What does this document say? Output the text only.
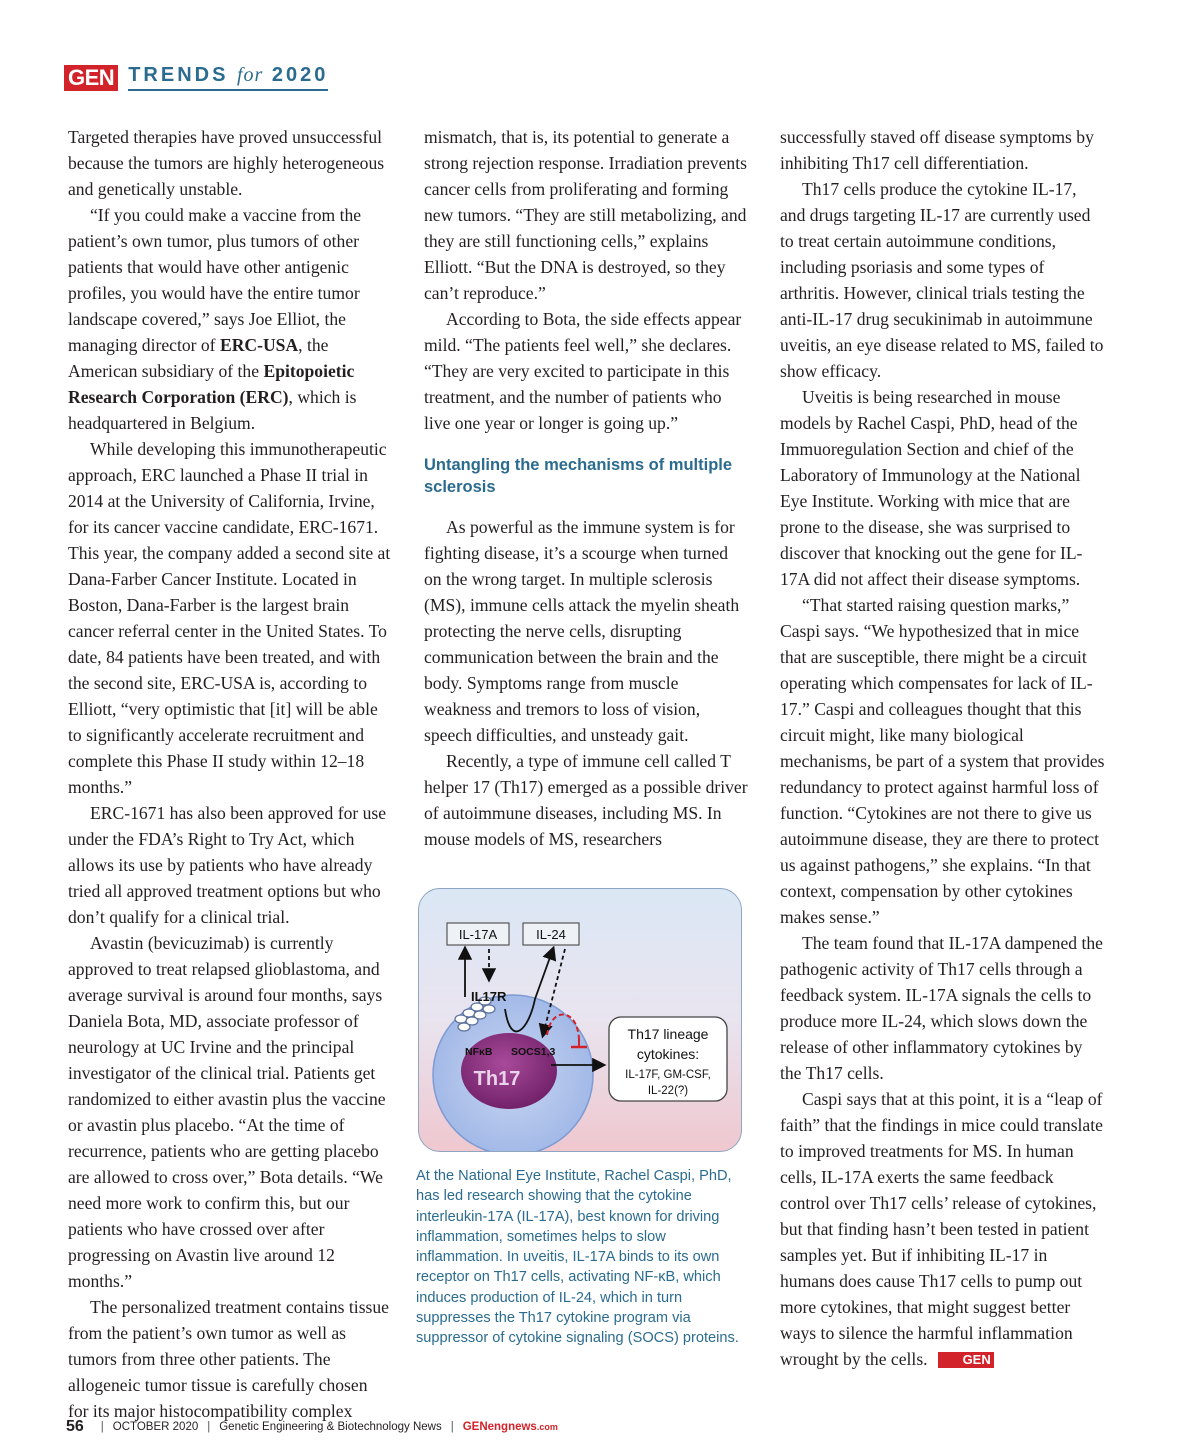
GEN TRENDS for 2020

Targeted therapies have proved unsuccessful because the tumors are highly heterogeneous and genetically unstable.

“If you could make a vaccine from the patient’s own tumor, plus tumors of other patients that would have other antigenic profiles, you would have the entire tumor landscape covered,” says Joe Elliot, the managing director of ERC-USA, the American subsidiary of the Epitopoietic Research Corporation (ERC), which is headquartered in Belgium.

While developing this immunotherapeutic approach, ERC launched a Phase II trial in 2014 at the University of California, Irvine, for its cancer vaccine candidate, ERC-1671. This year, the company added a second site at Dana-Farber Cancer Institute. Located in Boston, Dana-Farber is the largest brain cancer referral center in the United States. To date, 84 patients have been treated, and with the second site, ERC-USA is, according to Elliott, “very optimistic that [it] will be able to significantly accelerate recruitment and complete this Phase II study within 12–18 months.”

ERC-1671 has also been approved for use under the FDA’s Right to Try Act, which allows its use by patients who have already tried all approved treatment options but who don’t qualify for a clinical trial.

Avastin (bevicuzimab) is currently approved to treat relapsed glioblastoma, and average survival is around four months, says Daniela Bota, MD, associate professor of neurology at UC Irvine and the principal investigator of the clinical trial. Patients get randomized to either avastin plus the vaccine or avastin plus placebo. “At the time of recurrence, patients who are getting placebo are allowed to cross over,” Bota details. “We need more work to confirm this, but our patients who have crossed over after progressing on Avastin live around 12 months.”

The personalized treatment contains tissue from the patient’s own tumor as well as tumors from three other patients. The allogeneic tumor tissue is carefully chosen for its major histocompatibility complex

mismatch, that is, its potential to generate a strong rejection response. Irradiation prevents cancer cells from proliferating and forming new tumors. “They are still metabolizing, and they are still functioning cells,” explains Elliott. “But the DNA is destroyed, so they can’t reproduce.”

According to Bota, the side effects appear mild. “The patients feel well,” she declares. “They are very excited to participate in this treatment, and the number of patients who live one year or longer is going up.”

Untangling the mechanisms of multiple sclerosis

As powerful as the immune system is for fighting disease, it’s a scourge when turned on the wrong target. In multiple sclerosis (MS), immune cells attack the myelin sheath protecting the nerve cells, disrupting communication between the brain and the body. Symptoms range from muscle weakness and tremors to loss of vision, speech difficulties, and unsteady gait.

Recently, a type of immune cell called T helper 17 (Th17) emerged as a possible driver of autoimmune diseases, including MS. In mouse models of MS, researchers

IL-17A	IL-24
IL17R
NFκB SOCS1,3
Th17
Th17 lineage
cytokines:
IL-17F, GM-CSF,
IL-22(?)
At the National Eye Institute, Rachel Caspi, PhD, has led research showing that the cytokine interleukin-17A (IL-17A), best known for driving inflammation, sometimes helps to slow inflammation. In uveitis, IL-17A binds to its own receptor on Th17 cells, activating NF-κB, which induces production of IL-24, which in turn suppresses the Th17 cytokine program via suppressor of cytokine signaling (SOCS) proteins.

successfully staved off disease symptoms by inhibiting Th17 cell differentiation.

Th17 cells produce the cytokine IL-17, and drugs targeting IL-17 are currently used to treat certain autoimmune conditions, including psoriasis and some types of arthritis. However, clinical trials testing the anti-IL-17 drug secukinimab in autoimmune uveitis, an eye disease related to MS, failed to show efficacy.

Uveitis is being researched in mouse models by Rachel Caspi, PhD, head of the Immuoregulation Section and chief of the Laboratory of Immunology at the National Eye Institute. Working with mice that are prone to the disease, she was surprised to discover that knocking out the gene for IL-17A did not affect their disease symptoms.

“That started raising question marks,” Caspi says. “We hypothesized that in mice that are susceptible, there might be a circuit operating which compensates for lack of IL-17.” Caspi and colleagues thought that this circuit might, like many biological mechanisms, be part of a system that provides redundancy to protect against harmful loss of function. “Cytokines are not there to give us autoimmune disease, they are there to protect us against pathogens,” she explains. “In that context, compensation by other cytokines makes sense.”

The team found that IL-17A dampened the pathogenic activity of Th17 cells through a feedback system. IL-17A signals the cells to produce more IL-24, which slows down the release of other inflammatory cytokines by the Th17 cells.

Caspi says that at this point, it is a “leap of faith” that the findings in mice could translate to improved treatments for MS. In human cells, IL-17A exerts the same feedback control over Th17 cells’ release of cytokines, but that finding hasn’t been tested in patient samples yet. But if inhibiting IL-17 in humans does cause Th17 cells to pump out more cytokines, that might suggest better ways to silence the harmful inflammation wrought by the cells.	GEN

56 | OCTOBER 2020 | Genetic Engineering & Biotechnology News | GENengnews.com
